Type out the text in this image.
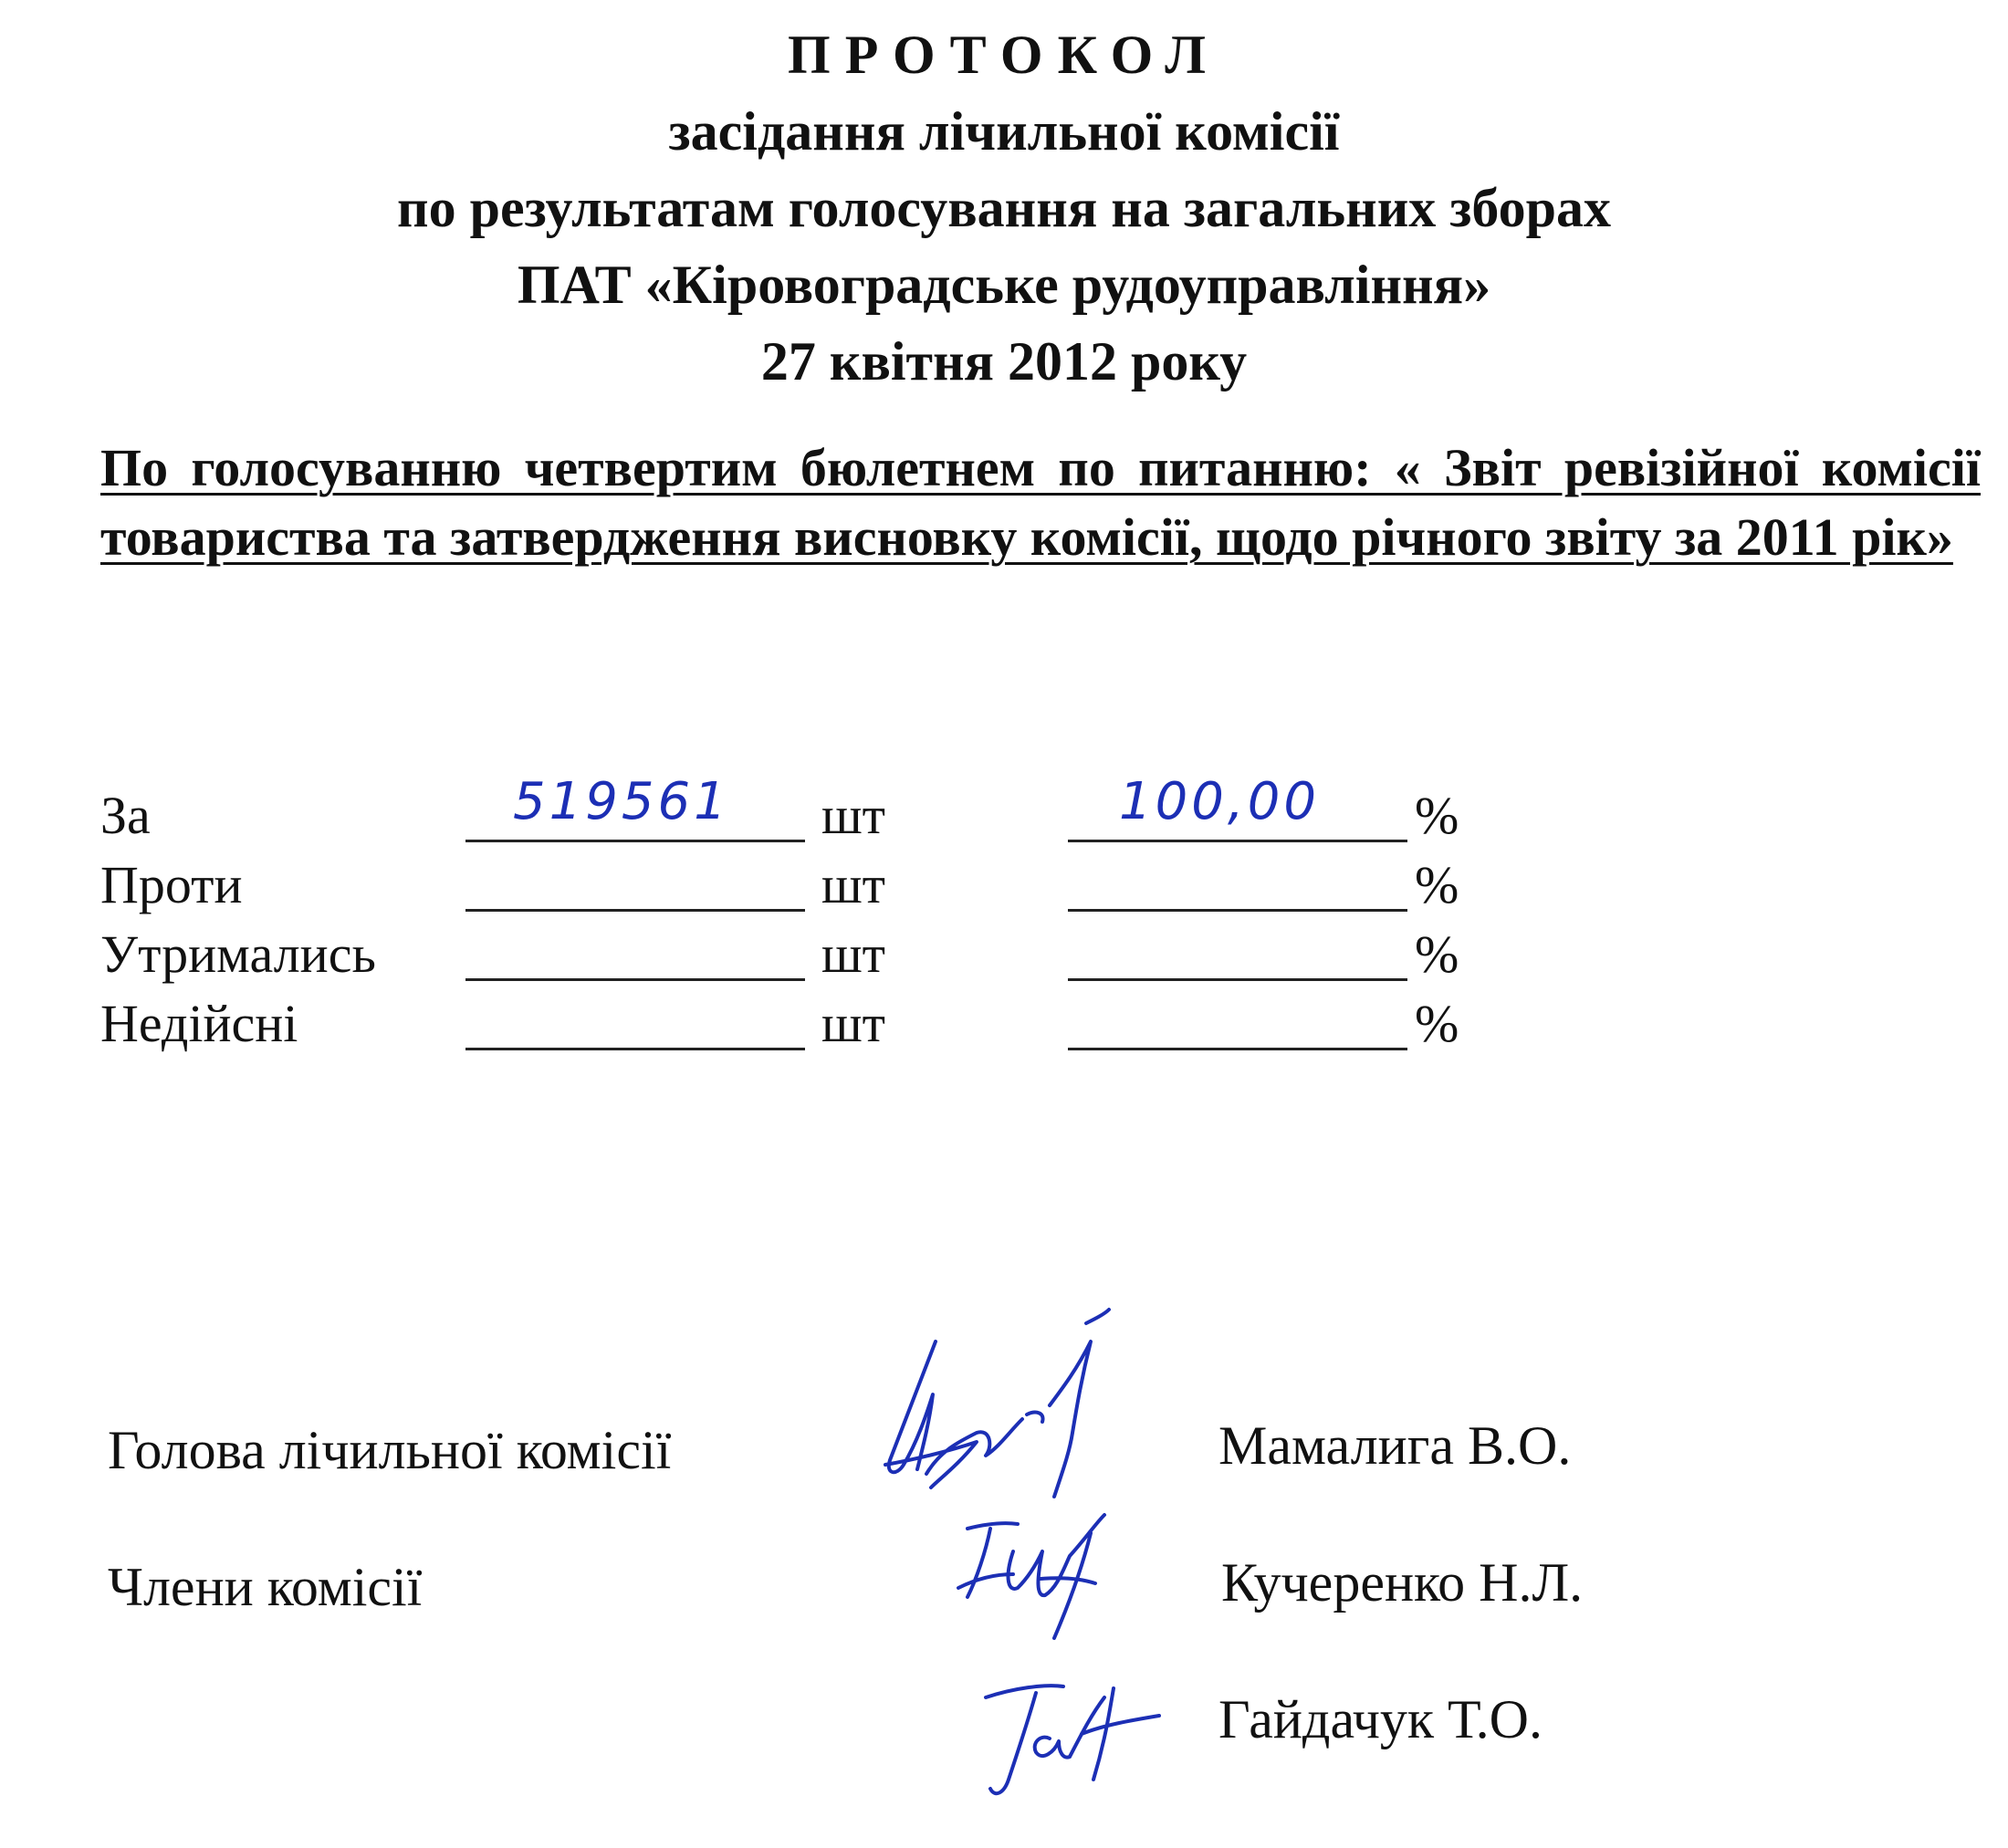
ПРОТОКОЛ
засідання лічильної комісії
по результатам голосування на загальних зборах
ПАТ «Кіровоградське рудоуправління»
27 квітня 2012 року
По голосуванню четвертим бюлетнем по питанню: « Звіт ревізійної комісії товариства та затвердження висновку комісії, щодо річного звіту за 2011 рік»
За	519561 шт	100,00 %
Проти	шт	%
Утримались	шт	%
Недійсні	шт	%
Голова лічильної комісії	Мамалига В.О.
Члени комісії	Кучеренко Н.Л.
Гайдачук Т.О.
